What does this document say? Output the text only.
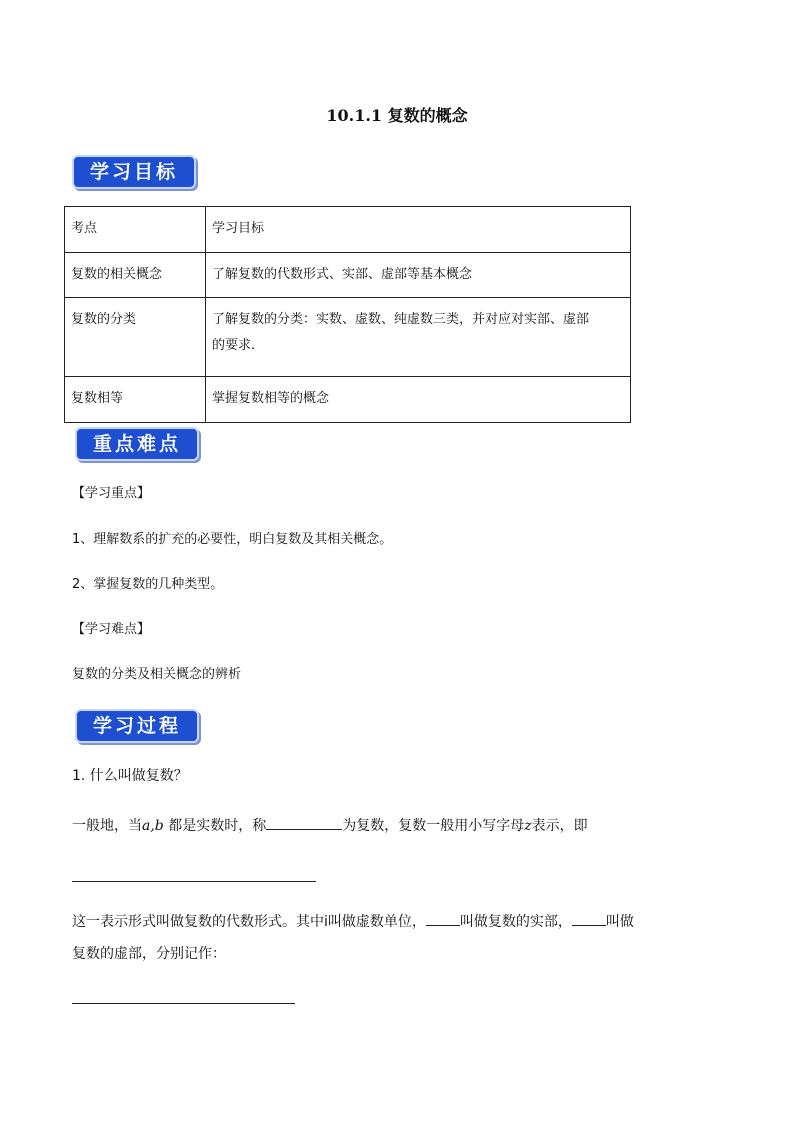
10.1.1 复数的概念
学习目标
考点	学习目标
复数的相关概念	了解复数的代数形式、实部、虚部等基本概念
复数的分类	了解复数的分类：实数、虚数、纯虚数三类，并对应对实部、虚部
的要求.

复数相等	掌握复数相等的概念
重点难点
【学习重点】
1、理解数系的扩充的必要性，明白复数及其相关概念。
2、掌握复数的几种类型。
【学习难点】
复数的分类及相关概念的辨析
学习过程
1. 什么叫做复数？
一般地，当a,b 都是实数时，称	为复数，复数一般用小写字母z表示，即
这一表示形式叫做复数的代数形式。其中i叫做虚数单位， 叫做复数的实部， 叫做
复数的虚部，分别记作：
